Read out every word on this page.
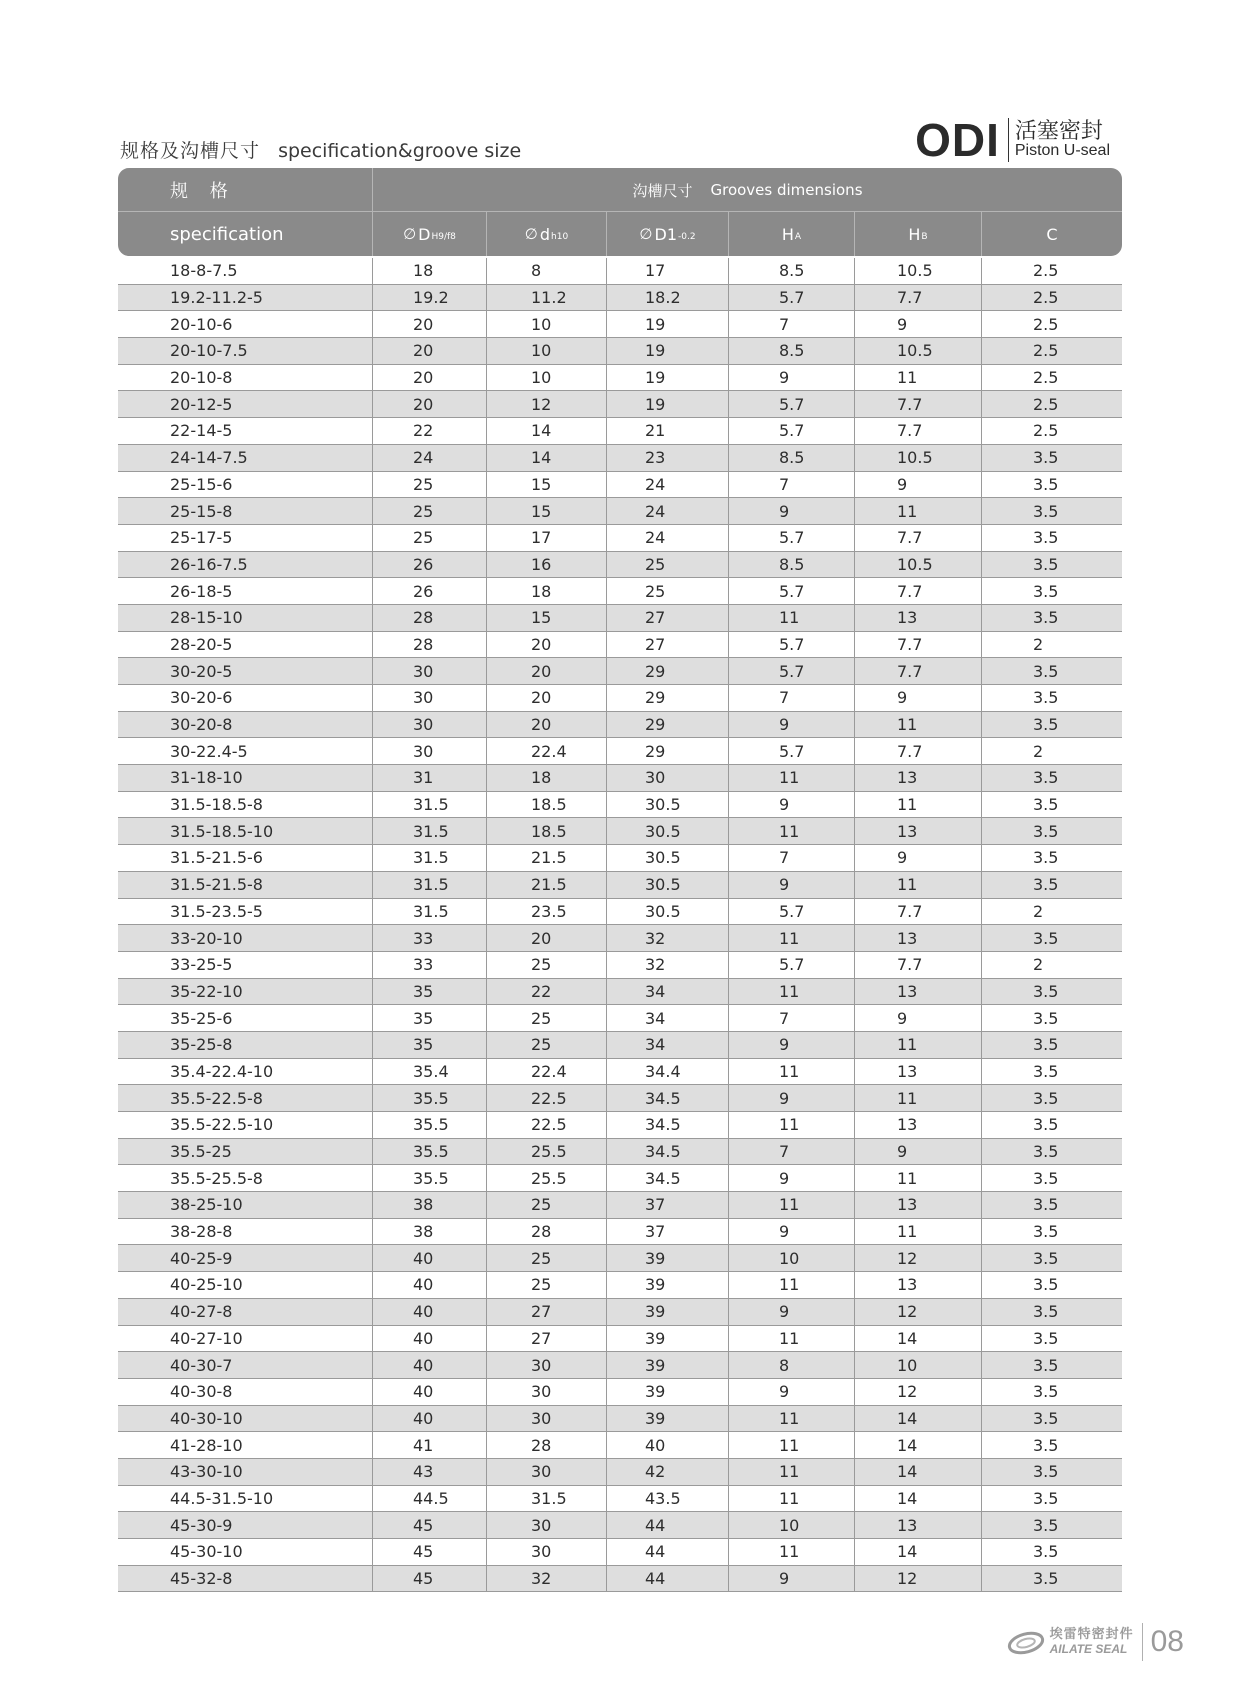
规格及沟槽尺寸 specification&groove size	ODI 活塞密封
Piston U-seal
规 格	沟槽尺寸 Grooves dimensions
specification	∅ D H9/f8	∅ d h10	∅ D1 -0.2	H A	H B	C
18-8-7.5	18	8	17	8.5	10.5	2.5
19.2-11.2-5	19.2	11.2	18.2	5.7	7.7	2.5
20-10-6	20	10	19	7	9	2.5
20-10-7.5	20	10	19	8.5	10.5	2.5
20-10-8	20	10	19	9	11	2.5
20-12-5	20	12	19	5.7	7.7	2.5
22-14-5	22	14	21	5.7	7.7	2.5
24-14-7.5	24	14	23	8.5	10.5	3.5
25-15-6	25	15	24	7	9	3.5
25-15-8	25	15	24	9	11	3.5
25-17-5	25	17	24	5.7	7.7	3.5
26-16-7.5	26	16	25	8.5	10.5	3.5
26-18-5	26	18	25	5.7	7.7	3.5
28-15-10	28	15	27	11	13	3.5
28-20-5	28	20	27	5.7	7.7	2
30-20-5	30	20	29	5.7	7.7	3.5
30-20-6	30	20	29	7	9	3.5
30-20-8	30	20	29	9	11	3.5
30-22.4-5	30	22.4	29	5.7	7.7	2
31-18-10	31	18	30	11	13	3.5
31.5-18.5-8	31.5	18.5	30.5	9	11	3.5
31.5-18.5-10	31.5	18.5	30.5	11	13	3.5
31.5-21.5-6	31.5	21.5	30.5	7	9	3.5
31.5-21.5-8	31.5	21.5	30.5	9	11	3.5
31.5-23.5-5	31.5	23.5	30.5	5.7	7.7	2
33-20-10	33	20	32	11	13	3.5
33-25-5	33	25	32	5.7	7.7	2
35-22-10	35	22	34	11	13	3.5
35-25-6	35	25	34	7	9	3.5
35-25-8	35	25	34	9	11	3.5
35.4-22.4-10	35.4	22.4	34.4	11	13	3.5
35.5-22.5-8	35.5	22.5	34.5	9	11	3.5
35.5-22.5-10	35.5	22.5	34.5	11	13	3.5
35.5-25	35.5	25.5	34.5	7	9	3.5
35.5-25.5-8	35.5	25.5	34.5	9	11	3.5
38-25-10	38	25	37	11	13	3.5
38-28-8	38	28	37	9	11	3.5
40-25-9	40	25	39	10	12	3.5
40-25-10	40	25	39	11	13	3.5
40-27-8	40	27	39	9	12	3.5
40-27-10	40	27	39	11	14	3.5
40-30-7	40	30	39	8	10	3.5
40-30-8	40	30	39	9	12	3.5
40-30-10	40	30	39	11	14	3.5
41-28-10	41	28	40	11	14	3.5
43-30-10	43	30	42	11	14	3.5
44.5-31.5-10	44.5	31.5	43.5	11	14	3.5
45-30-9	45	30	44	10	13	3.5
45-30-10	45	30	44	11	14	3.5
45-32-8	45	32	44	9	12	3.5
埃雷特密封件
AILATE SEAL 08
